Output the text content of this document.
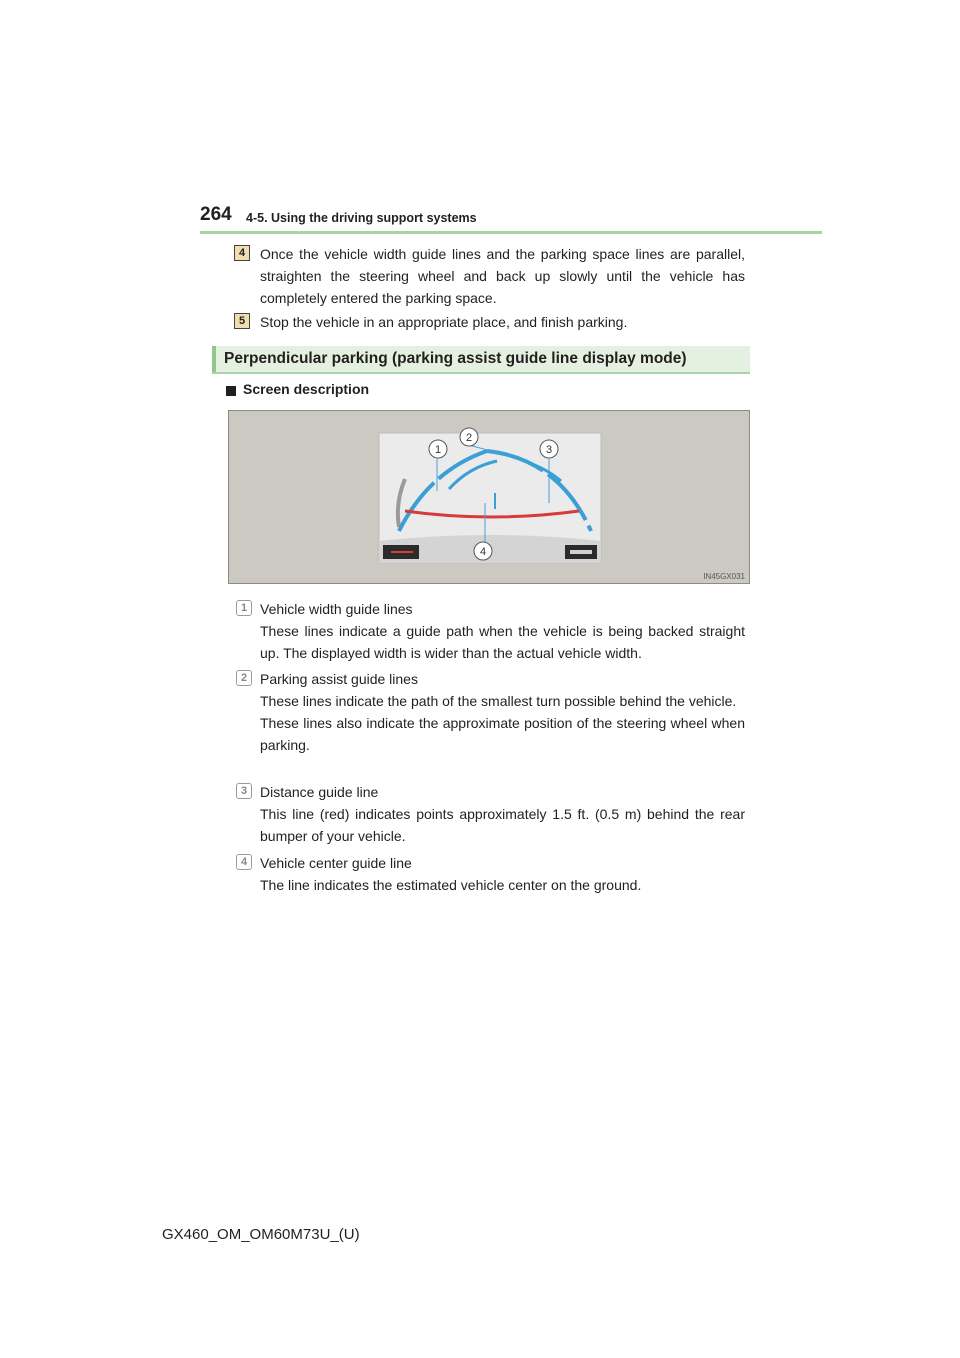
264 4-5. Using the driving support systems
4	Once the vehicle width guide lines and the parking space lines are parallel, straighten the steering wheel and back up slowly until the vehicle has completely entered the parking space.
5	Stop the vehicle in an appropriate place, and finish parking.
Perpendicular parking (parking assist guide line display mode)
Screen description
1
2
3
4
IN45GX031
1 Vehicle width guide lines
These lines indicate a guide path when the vehicle is being backed straight up. The displayed width is wider than the actual vehicle width.
2 Parking assist guide lines
These lines indicate the path of the smallest turn possible behind the vehicle.
These lines also indicate the approximate position of the steering wheel when parking.
3 Distance guide line
This line (red) indicates points approximately 1.5 ft. (0.5 m) behind the rear bumper of your vehicle.
4 Vehicle center guide line
The line indicates the estimated vehicle center on the ground.
GX460_OM_OM60M73U_(U)
